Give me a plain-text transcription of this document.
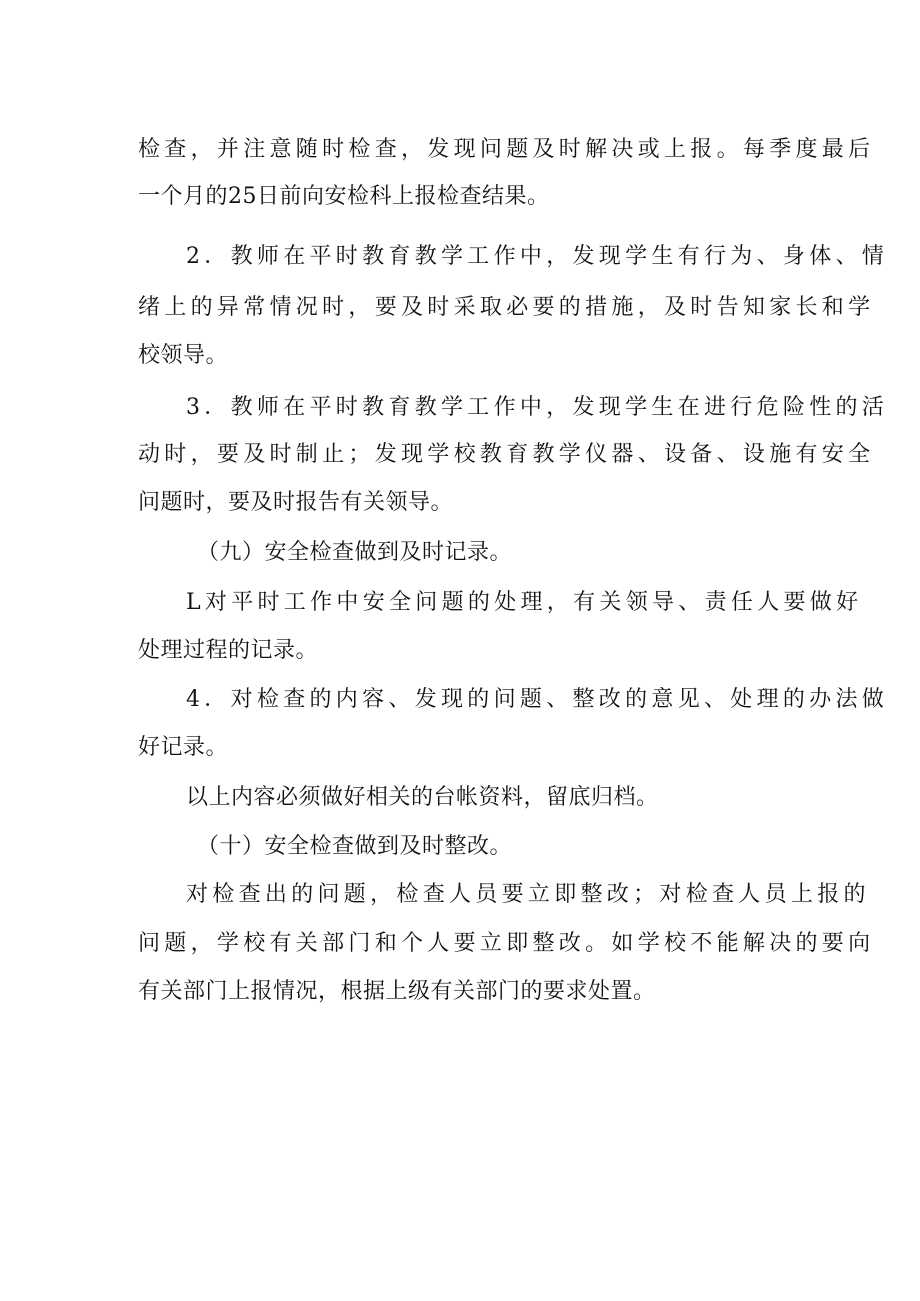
检查，并注意随时检查，发现问题及时解决或上报。每季度最后
一个月的25日前向安检科上报检查结果。
2．教师在平时教育教学工作中，发现学生有行为、身体、情
绪上的异常情况时，要及时采取必要的措施，及时告知家长和学
校领导。
3．教师在平时教育教学工作中，发现学生在进行危险性的活
动时，要及时制止；发现学校教育教学仪器、设备、设施有安全
问题时，要及时报告有关领导。
（九）安全检查做到及时记录。
L对平时工作中安全问题的处理，有关领导、责任人要做好
处理过程的记录。
4．对检查的内容、发现的问题、整改的意见、处理的办法做
好记录。
以上内容必须做好相关的台帐资料，留底归档。
（十）安全检查做到及时整改。
对检查出的问题，检查人员要立即整改；对检查人员上报的
问题，学校有关部门和个人要立即整改。如学校不能解决的要向
有关部门上报情况，根据上级有关部门的要求处置。
